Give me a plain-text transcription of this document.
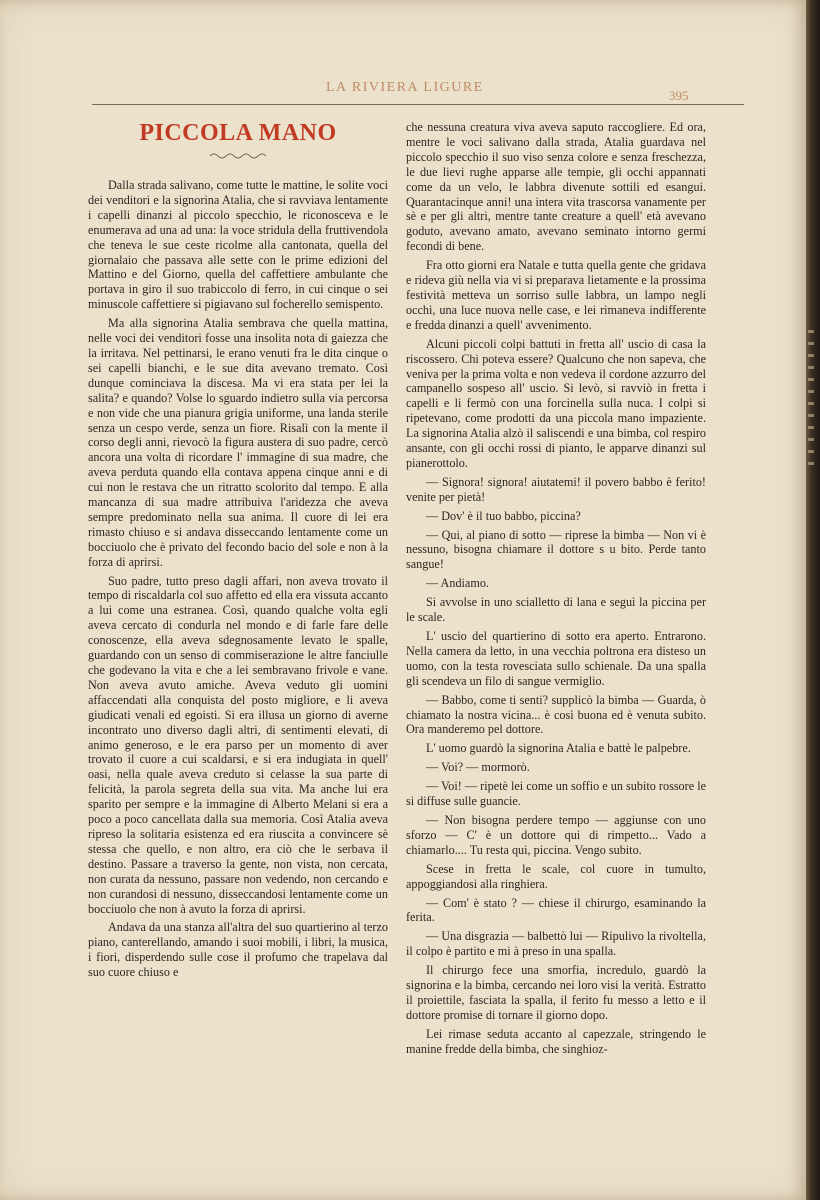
LA RIVIERA LIGURE
395
PICCOLA MANO

Dalla strada salivano, come tutte le mattine, le solite voci dei venditori e la signorina Atalia, che si ravviava lentamente i capelli dinanzi al piccolo specchio, le riconosceva e le enumerava ad una ad una: la voce stridula della fruttivendola che teneva le sue ceste ricolme alla cantonata, quella del giornalaio che passava alle sette con le prime edizioni del Mattino e del Giorno, quella del caffettiere ambulante che portava in giro il suo trabiccolo di ferro, in cui cinque o sei minuscole caffettiere si pigiavano sul focherello semispento.

Ma alla signorina Atalia sembrava che quella mattina, nelle voci dei venditori fosse una insolita nota di gaiezza che la irritava. Nel pettinarsi, le erano venuti fra le dita cinque o sei capelli bianchi, e le sue dita avevano tremato. Così dunque cominciava la discesa. Ma vi era stata per lei la salita? e quando? Volse lo sguardo indietro sulla via percorsa e non vide che una pianura grigia uniforme, una landa sterile senza un cespo verde, senza un fiore. Risalì con la mente il corso degli anni, rievocò la figura austera di suo padre, cercò ancora una volta di ricordare l' immagine di sua madre, che aveva perduta quando ella contava appena cinque anni e di cui non le restava che un ritratto scolorito dal tempo. E alla mancanza di sua madre attribuiva l'aridezza che aveva sempre predominato nella sua anima. Il cuore di lei era rimasto chiuso e si andava disseccando lentamente come un bocciuolo che è privato del fecondo bacio del sole e non à la forza di aprirsi.

Suo padre, tutto preso dagli affari, non aveva trovato il tempo di riscaldarla col suo affetto ed ella era vissuta accanto a lui come una estranea. Così, quando qualche volta egli aveva cercato di condurla nel mondo e di farle fare delle conoscenze, ella aveva sdegnosamente levato le spalle, guardando con un senso di commiserazione le altre fanciulle che godevano la vita e che a lei sembravano frivole e vane. Non aveva avuto amiche. Aveva veduto gli uomini affaccendati alla conquista del posto migliore, e li aveva giudicati venali ed egoisti. Si era illusa un giorno di averne incontrato uno diverso dagli altri, di sentimenti elevati, di animo generoso, e le era parso per un momento di aver trovato il cuore a cui scaldarsi, e si era indugiata in quell' oasi, nella quale aveva creduto si celasse la sua parte di felicità, la parola segreta della sua vita. Ma anche lui era sparito per sempre e la immagine di Alberto Melani si era a poco a poco cancellata dalla sua memoria. Così Atalia aveva ripreso la solitaria esistenza ed era riuscita a convincere sè stessa che quello, e non altro, era ciò che le serbava il destino. Passare a traverso la gente, non vista, non cercata, non curata da nessuno, passare non vedendo, non cercando e non curandosi di nessuno, disseccandosi lentamente come un bocciuolo che non à avuto la forza di aprirsi.

Andava da una stanza all'altra del suo quartierino al terzo piano, canterellando, amando i suoi mobili, i libri, la musica, i fiori, disperdendo sulle cose il profumo che trapelava dal suo cuore chiuso e

che nessuna creatura viva aveva saputo raccogliere. Ed ora, mentre le voci salivano dalla strada, Atalia guardava nel piccolo specchio il suo viso senza colore e senza freschezza, le due lievi rughe apparse alle tempie, gli occhi appannati come da un velo, le labbra divenute sottili ed esangui. Quarantacinque anni! una intera vita trascorsa vanamente per sè e per gli altri, mentre tante creature a quell' età avevano goduto, avevano amato, avevano seminato intorno germi fecondi di bene.

Fra otto giorni era Natale e tutta quella gente che gridava e rideva giù nella via vi si preparava lietamente e la prossima festività metteva un sorriso sulle labbra, un lampo negli occhi, una luce nuova nelle case, e lei rimaneva indifferente e fredda dinanzi a quell' avvenimento.

Alcuni piccoli colpi battuti in fretta all' uscio di casa la riscossero. Chi poteva essere? Qualcuno che non sapeva, che veniva per la prima volta e non vedeva il cordone azzurro del campanello sospeso all' uscio. Si levò, si ravviò in fretta i capelli e li fermò con una forcinella sulla nuca. I colpi si ripetevano, come prodotti da una piccola mano impaziente. La signorina Atalia alzò il saliscendi e una bimba, col respiro ansante, con gli occhi rossi di pianto, le apparve dinanzi sul pianerottolo.

— Signora! signora! aiutatemi! il povero babbo è ferito! venite per pietà!

— Dov' è il tuo babbo, piccina?

— Qui, al piano di sotto — riprese la bimba — Non vi è nessuno, bisogna chiamare il dottore s u bito. Perde tanto sangue!

— Andiamo.

Si avvolse in uno scialletto di lana e seguì la piccina per le scale.

L' uscio del quartierino di sotto era aperto. Entrarono. Nella camera da letto, in una vecchia poltrona era disteso un uomo, con la testa rovesciata sullo schienale. Da una spalla gli scendeva un filo di sangue vermiglio.

— Babbo, come ti senti? supplicò la bimba — Guarda, ò chiamato la nostra vicina... è così buona ed è venuta subito. Ora manderemo pel dottore.

L' uomo guardò la signorina Atalia e battè le palpebre.

— Voi? — mormorò.

— Voi! — ripetè lei come un soffio e un subito rossore le si diffuse sulle guancie.

— Non bisogna perdere tempo — aggiunse con uno sforzo — C' è un dottore qui di rimpetto... Vado a chiamarlo.... Tu resta qui, piccina. Vengo subito.

Scese in fretta le scale, col cuore in tumulto, appoggiandosi alla ringhiera.

— Com' è stato ? — chiese il chirurgo, esaminando la ferita.

— Una disgrazia — balbettò lui — Ripulivo la rivoltella, il colpo è partito e mi à preso in una spalla.

Il chirurgo fece una smorfia, incredulo, guardò la signorina e la bimba, cercando nei loro visi la verità. Estratto il proiettile, fasciata la spalla, il ferito fu messo a letto e il dottore promise di tornare il giorno dopo.

Lei rimase seduta accanto al capezzale, stringendo le manine fredde della bimba, che singhioz-
